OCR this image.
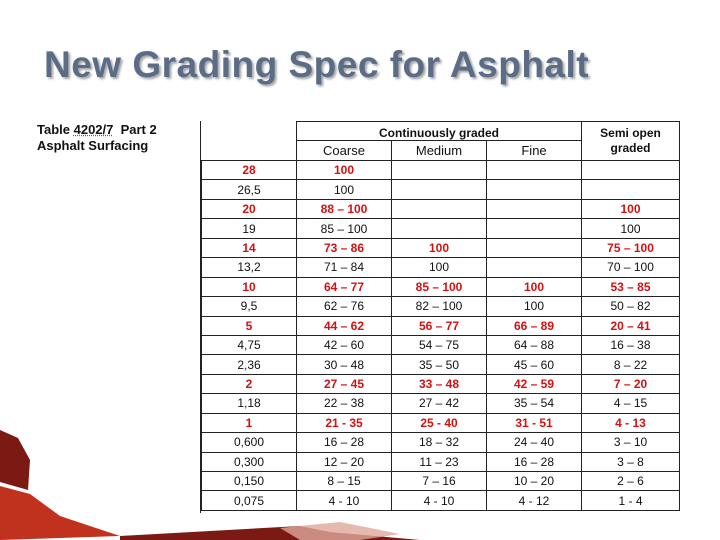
New Grading Spec for Asphalt
Table 4202/7  Part 2
Asphalt Surfacing
	Continuously graded			Semi open graded
	Coarse	Medium	Fine	
28	100			
26,5	100			
20	88 – 100			100
19	85 – 100			100
14	73 – 86	100		75 – 100
13,2	71 – 84	100		70 – 100
10	64 – 77	85 – 100	100	53 – 85
9,5	62 – 76	82 – 100	100	50 – 82
5	44 – 62	56 – 77	66 – 89	20 – 41
4,75	42 – 60	54 – 75	64 – 88	16 – 38
2,36	30 – 48	35 – 50	45 – 60	8 – 22
2	27 – 45	33 – 48	42 – 59	7 – 20
1,18	22 – 38	27 – 42	35 – 54	4 – 15
1	21 - 35	25 - 40	31 - 51	4 - 13
0,600	16 – 28	18 – 32	24 – 40	3 – 10
0,300	12 – 20	11 – 23	16 – 28	3 – 8
0,150	8 – 15	7 – 16	10 – 20	2 – 6
0,075	4 - 10	4 - 10	4 - 12	1 - 4
